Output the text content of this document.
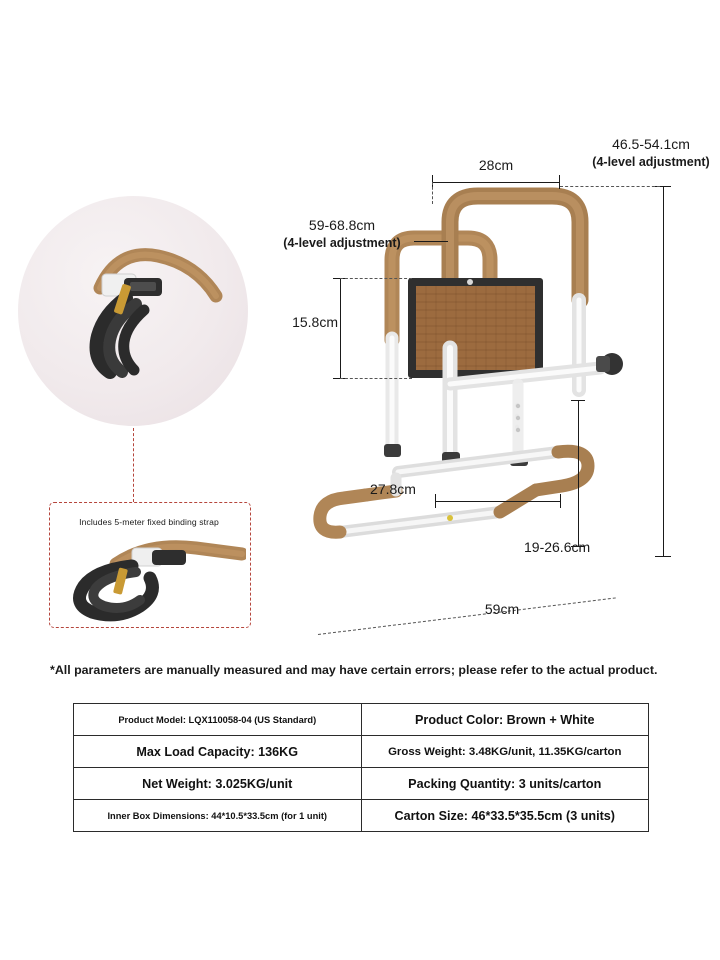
Includes 5-meter fixed binding strap
46.5-54.1cm
(4-level adjustment)
28cm
59-68.8cm
(4-level adjustment)
15.8cm
27.8cm
19-26.6cm
59cm
*All parameters are manually measured and may have certain errors; please refer to the actual product.
Product Model: LQX110058-04 (US Standard)	Product Color: Brown + White
Max Load Capacity: 136KG	Gross Weight: 3.48KG/unit, 11.35KG/carton
Net Weight: 3.025KG/unit	Packing Quantity: 3 units/carton
Inner Box Dimensions: 44*10.5*33.5cm (for 1 unit)	Carton Size: 46*33.5*35.5cm (3 units)
